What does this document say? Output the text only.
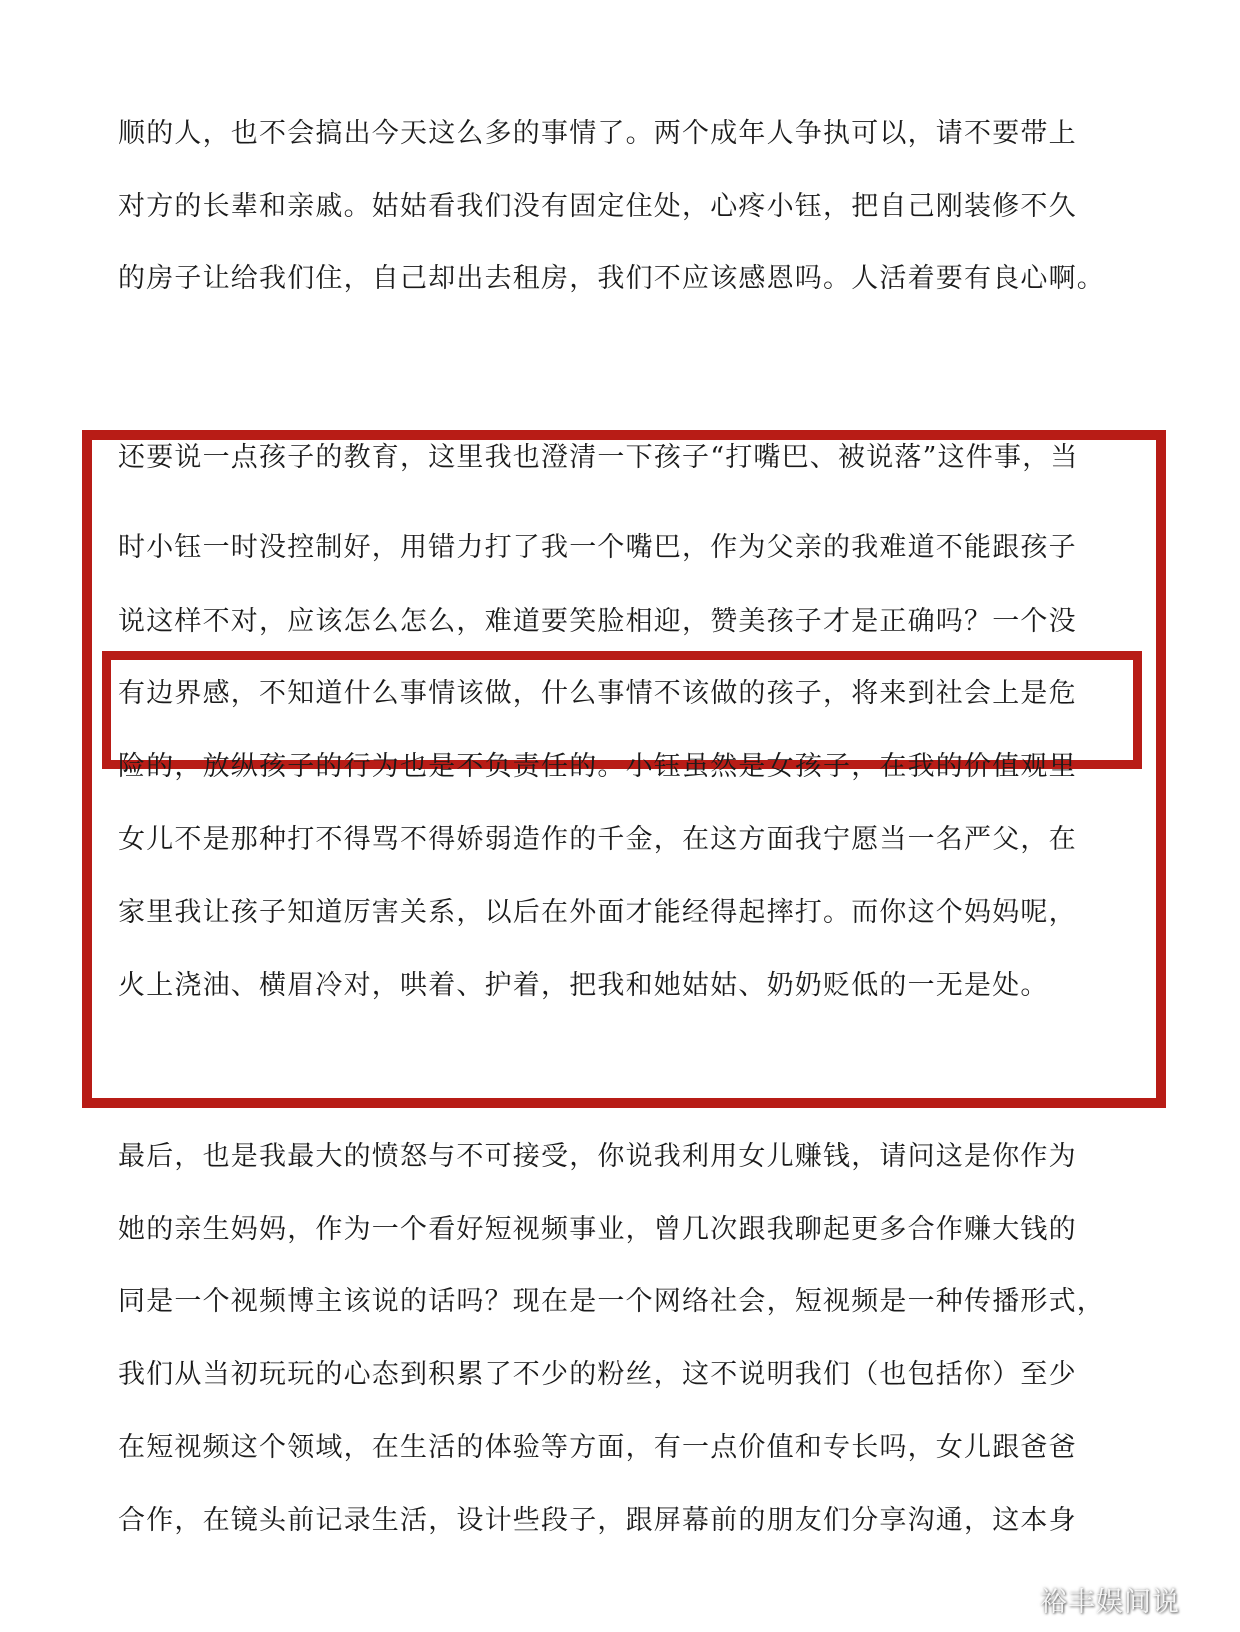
顺的人，也不会搞出今天这么多的事情了。两个成年人争执可以，请不要带上
对方的长辈和亲戚。姑姑看我们没有固定住处，心疼小钰，把自己刚装修不久
的房子让给我们住，自己却出去租房，我们不应该感恩吗。人活着要有良心啊。
还要说一点孩子的教育，这里我也澄清一下孩子“打嘴巴、被说落”这件事，当
时小钰一时没控制好，用错力打了我一个嘴巴，作为父亲的我难道不能跟孩子
说这样不对，应该怎么怎么，难道要笑脸相迎，赞美孩子才是正确吗？一个没
有边界感，不知道什么事情该做，什么事情不该做的孩子，将来到社会上是危
险的，放纵孩子的行为也是不负责任的。小钰虽然是女孩子，在我的价值观里
女儿不是那种打不得骂不得娇弱造作的千金，在这方面我宁愿当一名严父，在
家里我让孩子知道厉害关系，以后在外面才能经得起摔打。而你这个妈妈呢，
火上浇油、横眉冷对，哄着、护着，把我和她姑姑、奶奶贬低的一无是处。
最后，也是我最大的愤怒与不可接受，你说我利用女儿赚钱，请问这是你作为
她的亲生妈妈，作为一个看好短视频事业，曾几次跟我聊起更多合作赚大钱的
同是一个视频博主该说的话吗？现在是一个网络社会，短视频是一种传播形式，
我们从当初玩玩的心态到积累了不少的粉丝，这不说明我们（也包括你）至少
在短视频这个领域，在生活的体验等方面，有一点价值和专长吗，女儿跟爸爸
合作，在镜头前记录生活，设计些段子，跟屏幕前的朋友们分享沟通，这本身
裕丰娱间说
